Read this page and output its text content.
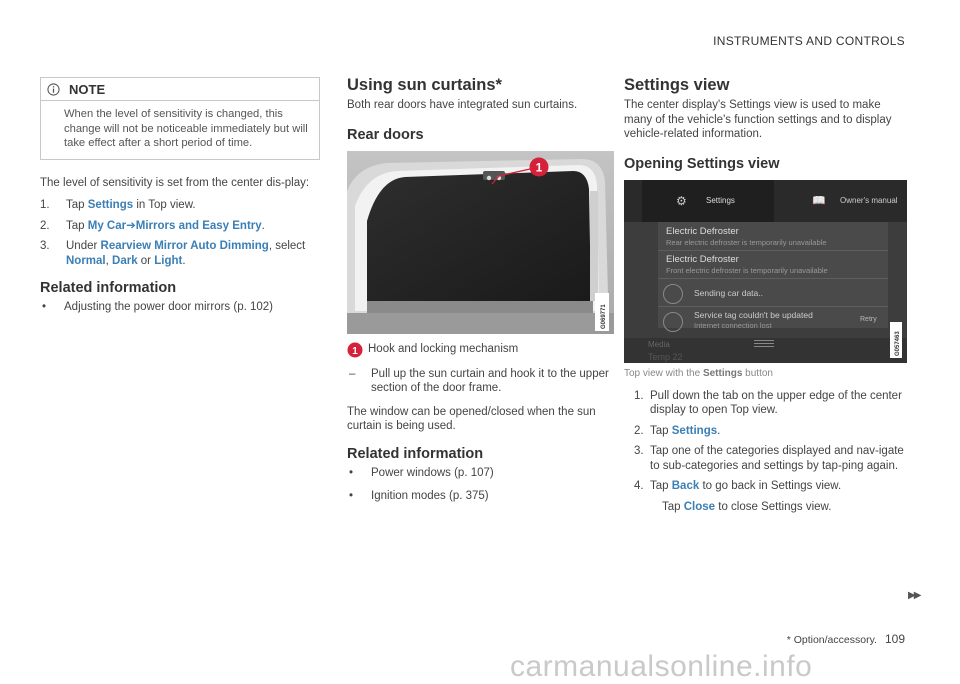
INSTRUMENTS AND CONTROLS
NOTE
When the level of sensitivity is changed, this change will not be noticeable immediately but will take effect after a short period of time.

The level of sensitivity is set from the center dis-play:

1.	Tap Settings in Top view.
2.	Tap My Car➔Mirrors and Easy Entry.
3.	Under Rearview Mirror Auto Dimming, select Normal, Dark or Light.
Related information
•	Adjusting the power door mirrors (p. 102)
Using sun curtains*

Both rear doors have integrated sun curtains.

Rear doors
1
G069771
1 Hook and locking mechanism
–	Pull up the sun curtain and hook it to the upper section of the door frame.

The window can be opened/closed when the sun curtain is being used.

Related information
•	Power windows (p. 107)
•	Ignition modes (p. 375)
Settings view

The center display's Settings view is used to make many of the vehicle's function settings and to display vehicle-related information.

Opening Settings view
⚙ Settings	📖 Owner's manual
Electric Defroster
Rear electric defroster is temporarily unavailable
Electric Defroster
Front electric defroster is temporarily unavailable
Sending car data..
Service tag couldn't be updated
Internet connection lost
Retry
Media
Temp 22
G057463
Top view with the Settings button
1. Pull down the tab on the upper edge of the center display to open Top view.
2. Tap Settings.
3. Tap one of the categories displayed and nav-igate to sub-categories and settings by tap-ping again.
4. Tap Back to go back in Settings view.
Tap Close to close Settings view.
▶▶
* Option/accessory. 109
carmanualsonline.info
